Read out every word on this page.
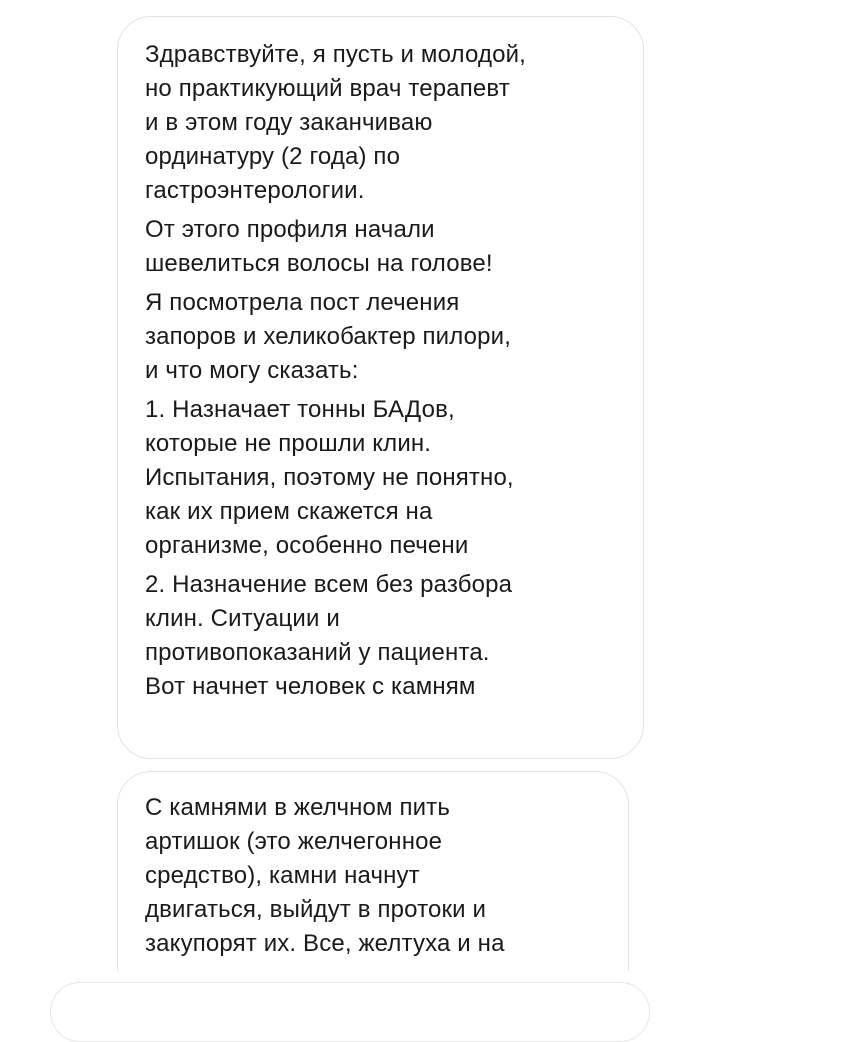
Здравствуйте, я пусть и молодой,
но практикующий врач терапевт
и в этом году заканчиваю
ординатуру (2 года) по
гастроэнтерологии.
От этого профиля начали
шевелиться волосы на голове!
Я посмотрела пост лечения
запоров и хеликобактер пилори,
и что могу сказать:
1. Назначает тонны БАДов,
которые не прошли клин.
Испытания, поэтому не понятно,
как их прием скажется на
организме, особенно печени
2. Назначение всем без разбора
клин. Ситуации и
противопоказаний у пациента.
Вот начнет человек с камням
С камнями в желчном пить
артишок (это желчегонное
средство), камни начнут
двигаться, выйдут в протоки и
закупорят их. Все, желтуха и на
